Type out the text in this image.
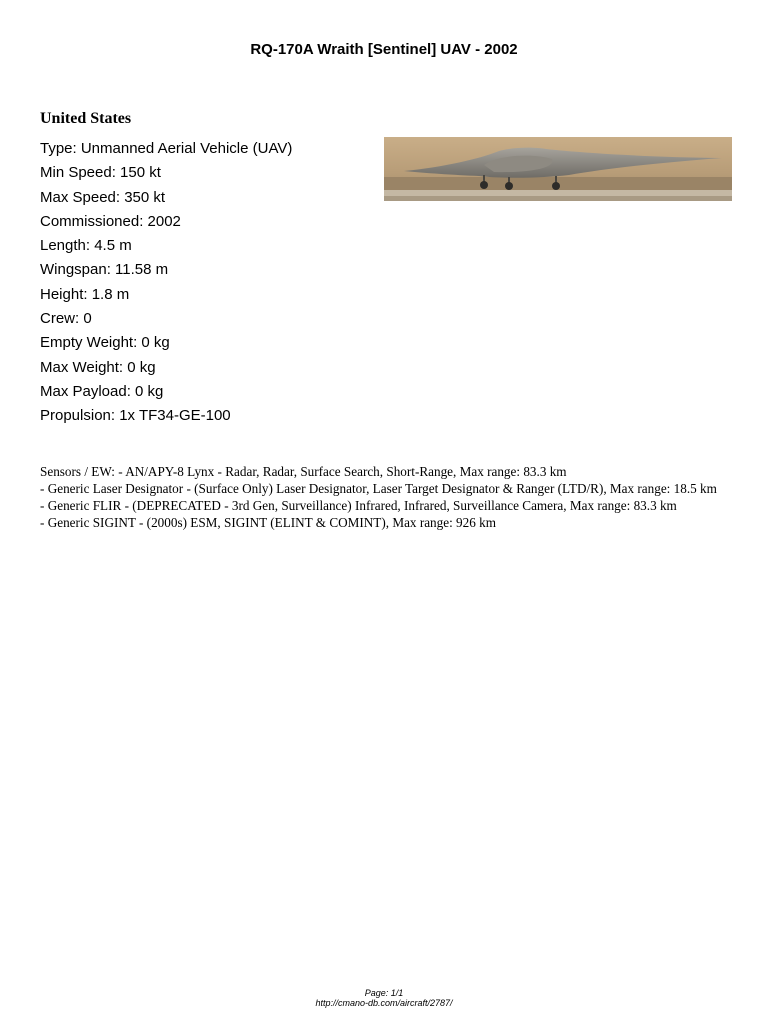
RQ-170A Wraith [Sentinel] UAV - 2002
United States
Type: Unmanned Aerial Vehicle (UAV)
Min Speed: 150 kt
Max Speed: 350 kt
Commissioned: 2002
Length: 4.5 m
Wingspan: 11.58 m
Height: 1.8 m
Crew: 0
Empty Weight: 0 kg
Max Weight: 0 kg
Max Payload: 0 kg
Propulsion: 1x TF34-GE-100
Sensors / EW: - AN/APY-8 Lynx - Radar, Radar, Surface Search, Short-Range, Max range: 83.3 km
- Generic Laser Designator - (Surface Only) Laser Designator, Laser Target Designator & Ranger (LTD/R), Max range: 18.5 km
- Generic FLIR - (DEPRECATED - 3rd Gen, Surveillance) Infrared, Infrared, Surveillance Camera, Max range: 83.3 km
- Generic SIGINT - (2000s) ESM, SIGINT (ELINT & COMINT), Max range: 926 km
Page: 1/1
http://cmano-db.com/aircraft/2787/
